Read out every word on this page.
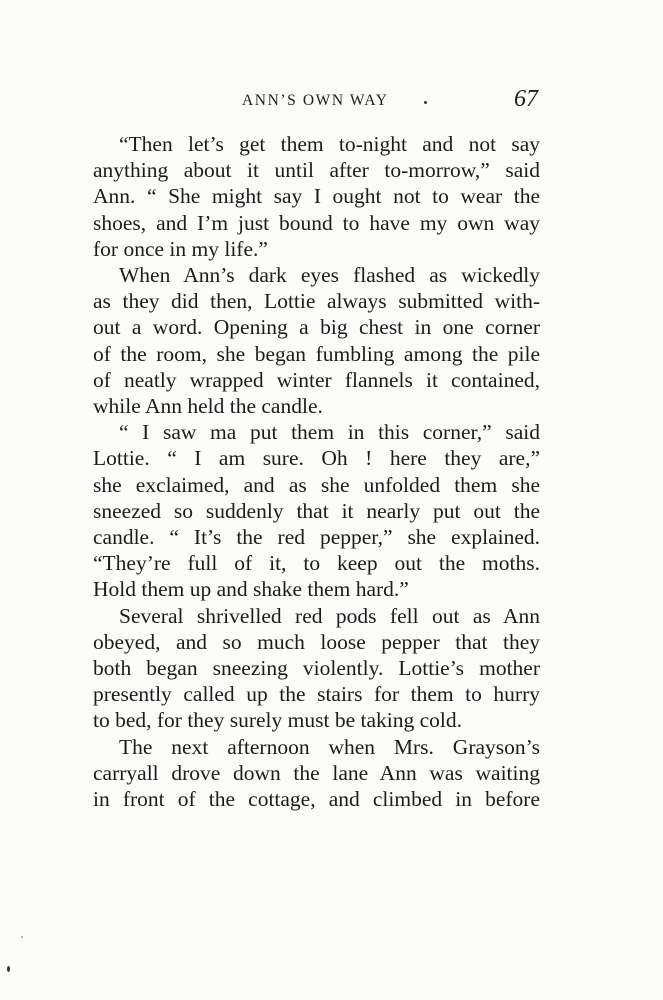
ANN’S OWN WAY	67

“Then let’s get them to-night and not say
anything about it until after to-morrow,” said
Ann. “ She might say I ought not to wear the
shoes, and I’m just bound to have my own way
for once in my life.”

When Ann’s dark eyes flashed as wickedly
as they did then, Lottie always submitted with-
out a word. Opening a big chest in one corner
of the room, she began fumbling among the pile
of neatly wrapped winter flannels it contained,
while Ann held the candle.

“ I saw ma put them in this corner,” said
Lottie. “ I am sure. Oh ! here they are,”
she exclaimed, and as she unfolded them she
sneezed so suddenly that it nearly put out the
candle. “ It’s the red pepper,” she explained.
“They’re full of it, to keep out the moths.
Hold them up and shake them hard.”

Several shrivelled red pods fell out as Ann
obeyed, and so much loose pepper that they
both began sneezing violently. Lottie’s mother
presently called up the stairs for them to hurry
to bed, for they surely must be taking cold.

The next afternoon when Mrs. Grayson’s
carryall drove down the lane Ann was waiting
in front of the cottage, and climbed in before
